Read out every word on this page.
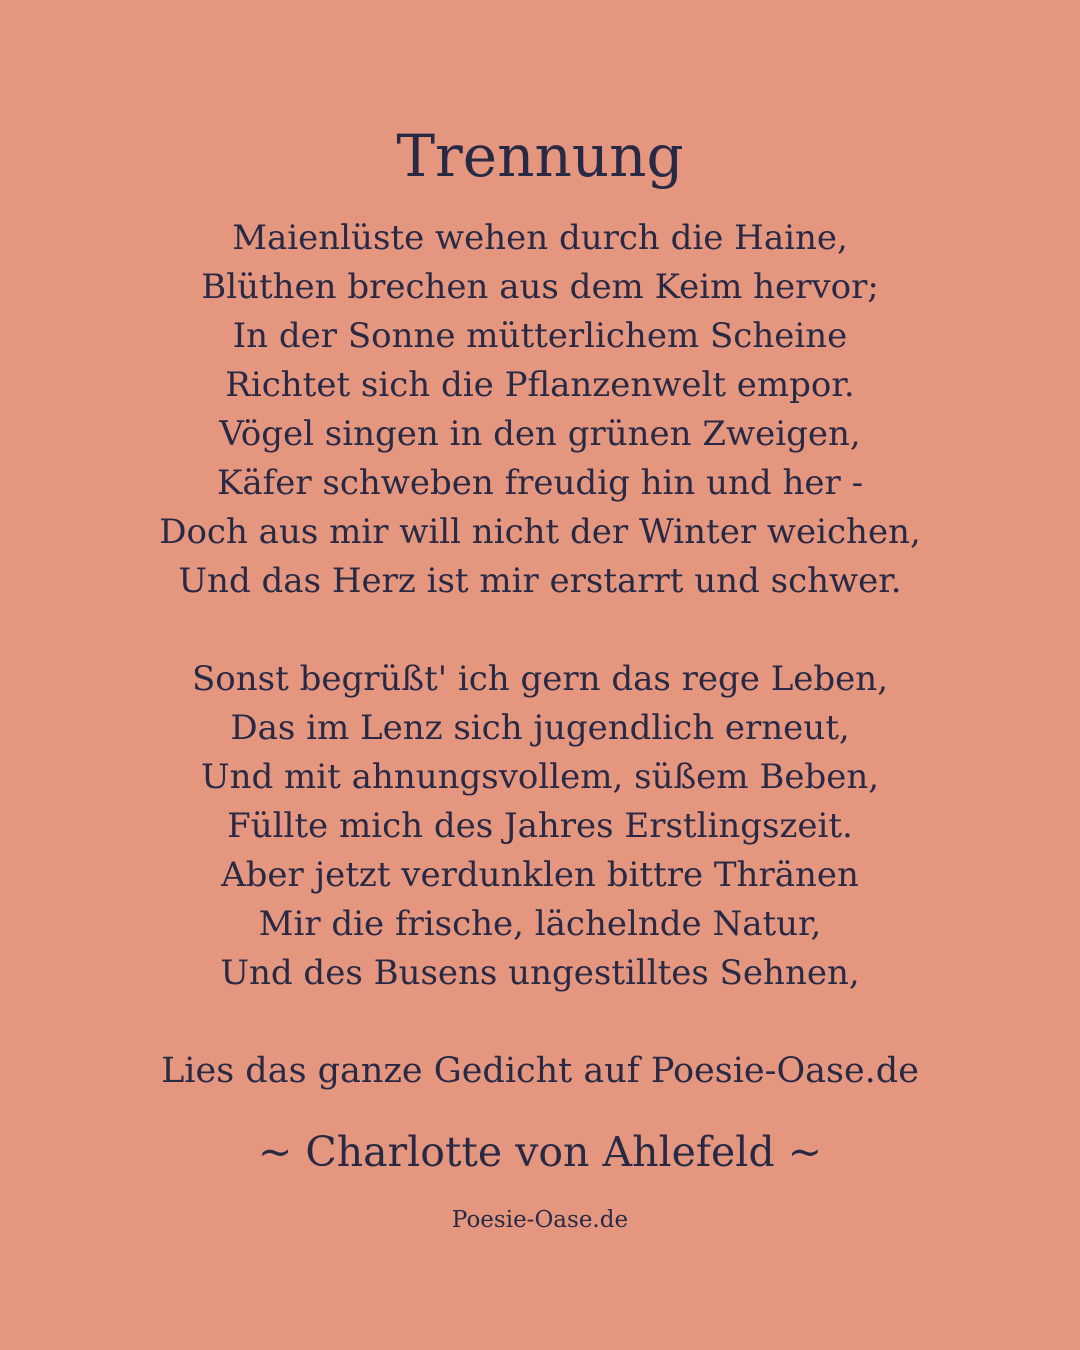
Trennung
Maienlüste wehen durch die Haine,
Blüthen brechen aus dem Keim hervor;
In der Sonne mütterlichem Scheine
Richtet sich die Pflanzenwelt empor.
Vögel singen in den grünen Zweigen,
Käfer schweben freudig hin und her -
Doch aus mir will nicht der Winter weichen,
Und das Herz ist mir erstarrt und schwer.
Sonst begrüßt' ich gern das rege Leben,
Das im Lenz sich jugendlich erneut,
Und mit ahnungsvollem, süßem Beben,
Füllte mich des Jahres Erstlingszeit.
Aber jetzt verdunklen bittre Thränen
Mir die frische, lächelnde Natur,
Und des Busens ungestilltes Sehnen,

Lies das ganze Gedicht auf Poesie-Oase.de

~ Charlotte von Ahlefeld ~

Poesie-Oase.de
